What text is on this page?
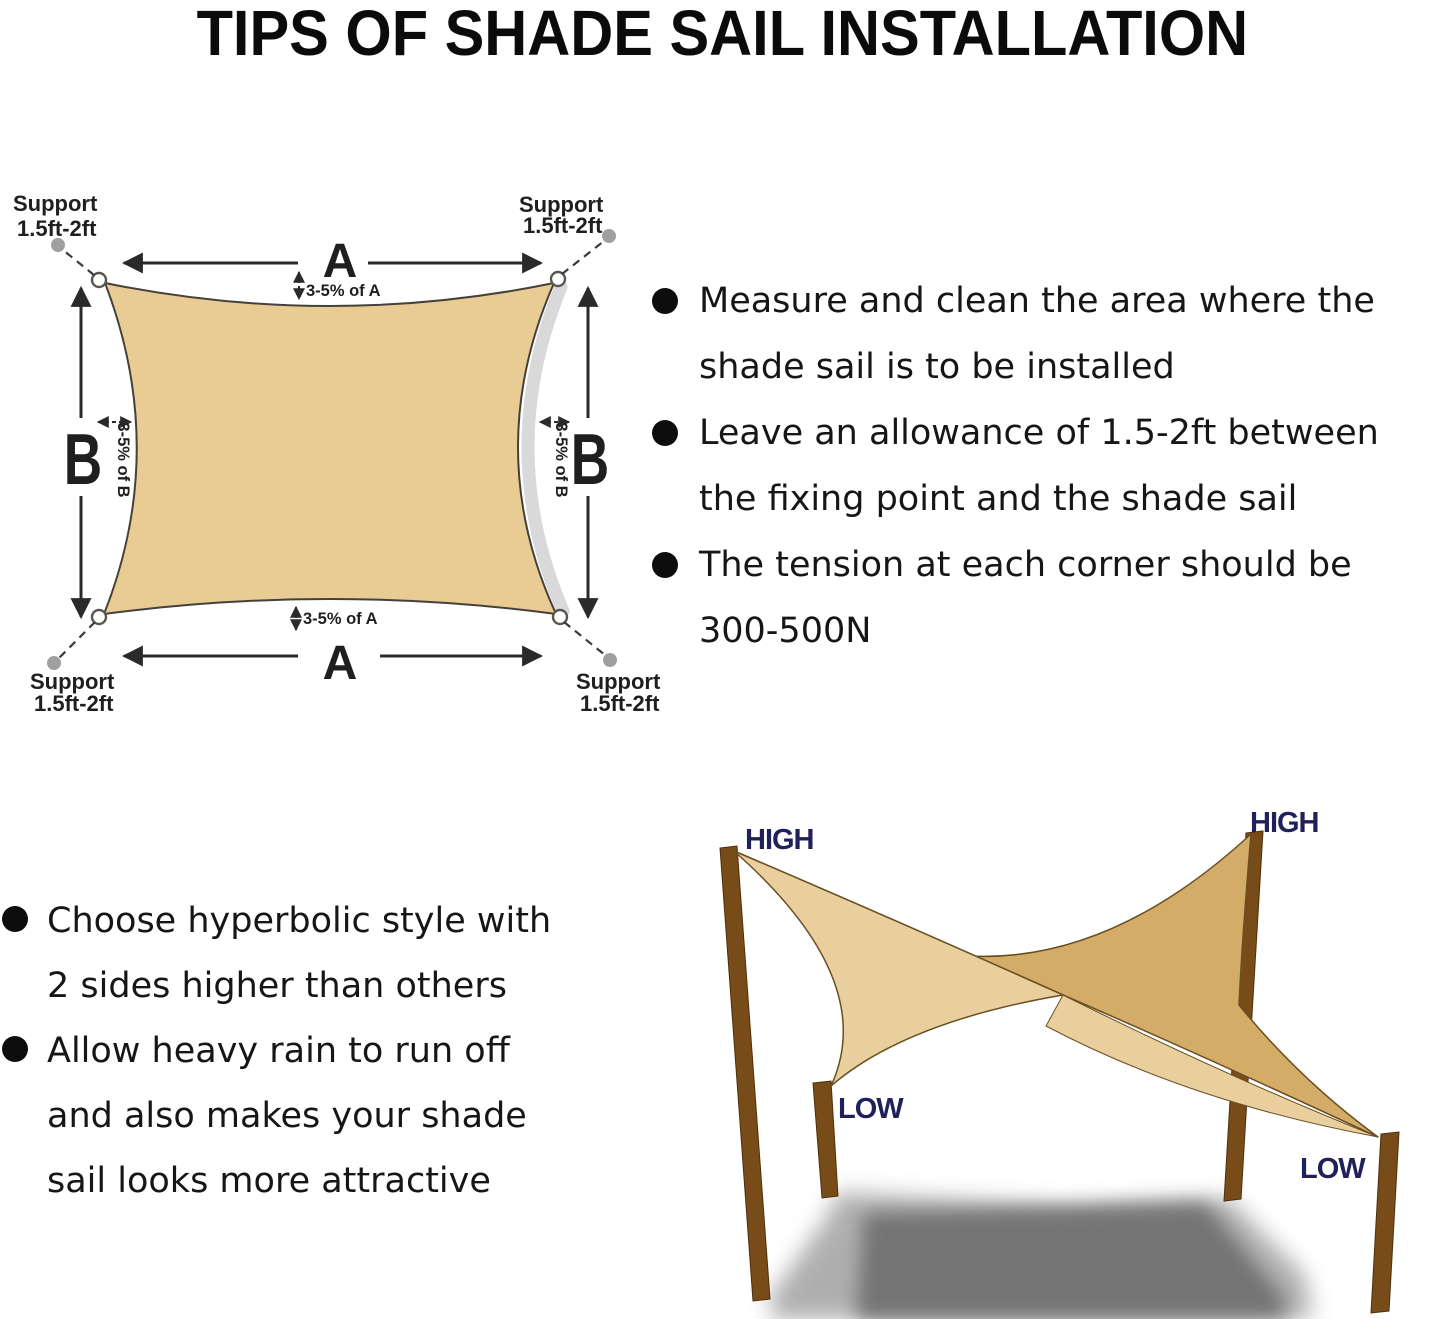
TIPS OF SHADE SAIL INSTALLATION
A
A
B	B
3-5% of A
3-5% of A
3-5% of B	3-5% of B
Support
1.5ft-2ft
Support
1.5ft-2ft
Support
1.5ft-2ft
Support
1.5ft-2ft
Measure and clean the area where the
shade sail is to be installed
Leave an allowance of 1.5-2ft between
the fixing point and the shade sail
The tension at each corner should be
300-500N
Choose hyperbolic style with
2 sides higher than others
Allow heavy rain to run off
and also makes your shade
sail looks more attractive
HIGH
HIGH
LOW
LOW
